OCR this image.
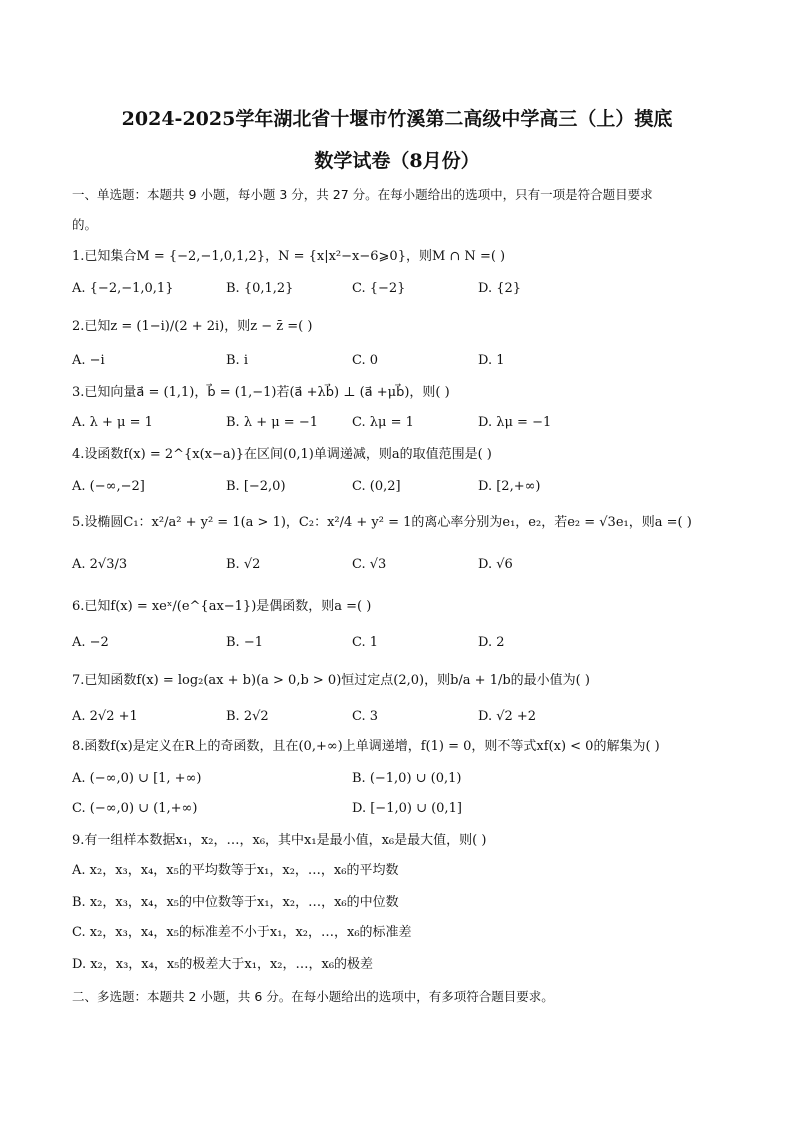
2024-2025学年湖北省十堰市竹溪第二高级中学高三（上）摸底
数学试卷（8月份）
一、单选题：本题共 9 小题，每小题 3 分，共 27 分。在每小题给出的选项中，只有一项是符合题目要求
的。
1.已知集合M = {−2,−1,0,1,2}，N = {x|x²−x−6⩾0}，则M ∩ N =( )
A. {−2,−1,0,1}	B. {0,1,2}	C. {−2}	D. {2}
2.已知z = (1−i)/(2 + 2i)，则z − z̄ =( )
A. −i	B. i	C. 0	D. 1
3.已知向量a⃗ = (1,1)，b⃗ = (1,−1)若(a⃗ +λb⃗) ⊥ (a⃗ +μb⃗)，则( )
A. λ + μ = 1	B. λ + μ = −1	C. λμ = 1	D. λμ = −1
4.设函数f(x) = 2^{x(x−a)}在区间(0,1)单调递减，则a的取值范围是( )
A. (−∞,−2]	B. [−2,0)	C. (0,2]	D. [2,+∞)
5.设椭圆C₁：x²/a² + y² = 1(a > 1)，C₂：x²/4 + y² = 1的离心率分别为e₁，e₂，若e₂ = √3e₁，则a =( )
A. 2√3/3	B. √2	C. √3	D. √6
6.已知f(x) = xeˣ/(e^{ax−1})是偶函数，则a =( )
A. −2	B. −1	C. 1	D. 2
7.已知函数f(x) = log₂(ax + b)(a > 0,b > 0)恒过定点(2,0)，则b/a + 1/b的最小值为( )
A. 2√2 +1	B. 2√2	C. 3	D. √2 +2
8.函数f(x)是定义在R上的奇函数，且在(0,+∞)上单调递增，f(1) = 0，则不等式xf(x) < 0的解集为( )
A. (−∞,0) ∪ [1, +∞)	B. (−1,0) ∪ (0,1)
C. (−∞,0) ∪ (1,+∞)	D. [−1,0) ∪ (0,1]
9.有一组样本数据x₁，x₂，…，x₆，其中x₁是最小值，x₆是最大值，则( )
A. x₂，x₃，x₄，x₅的平均数等于x₁，x₂，…，x₆的平均数
B. x₂，x₃，x₄，x₅的中位数等于x₁，x₂，…，x₆的中位数
C. x₂，x₃，x₄，x₅的标准差不小于x₁，x₂，…，x₆的标准差
D. x₂，x₃，x₄，x₅的极差大于x₁，x₂，…，x₆的极差
二、多选题：本题共 2 小题，共 6 分。在每小题给出的选项中，有多项符合题目要求。
